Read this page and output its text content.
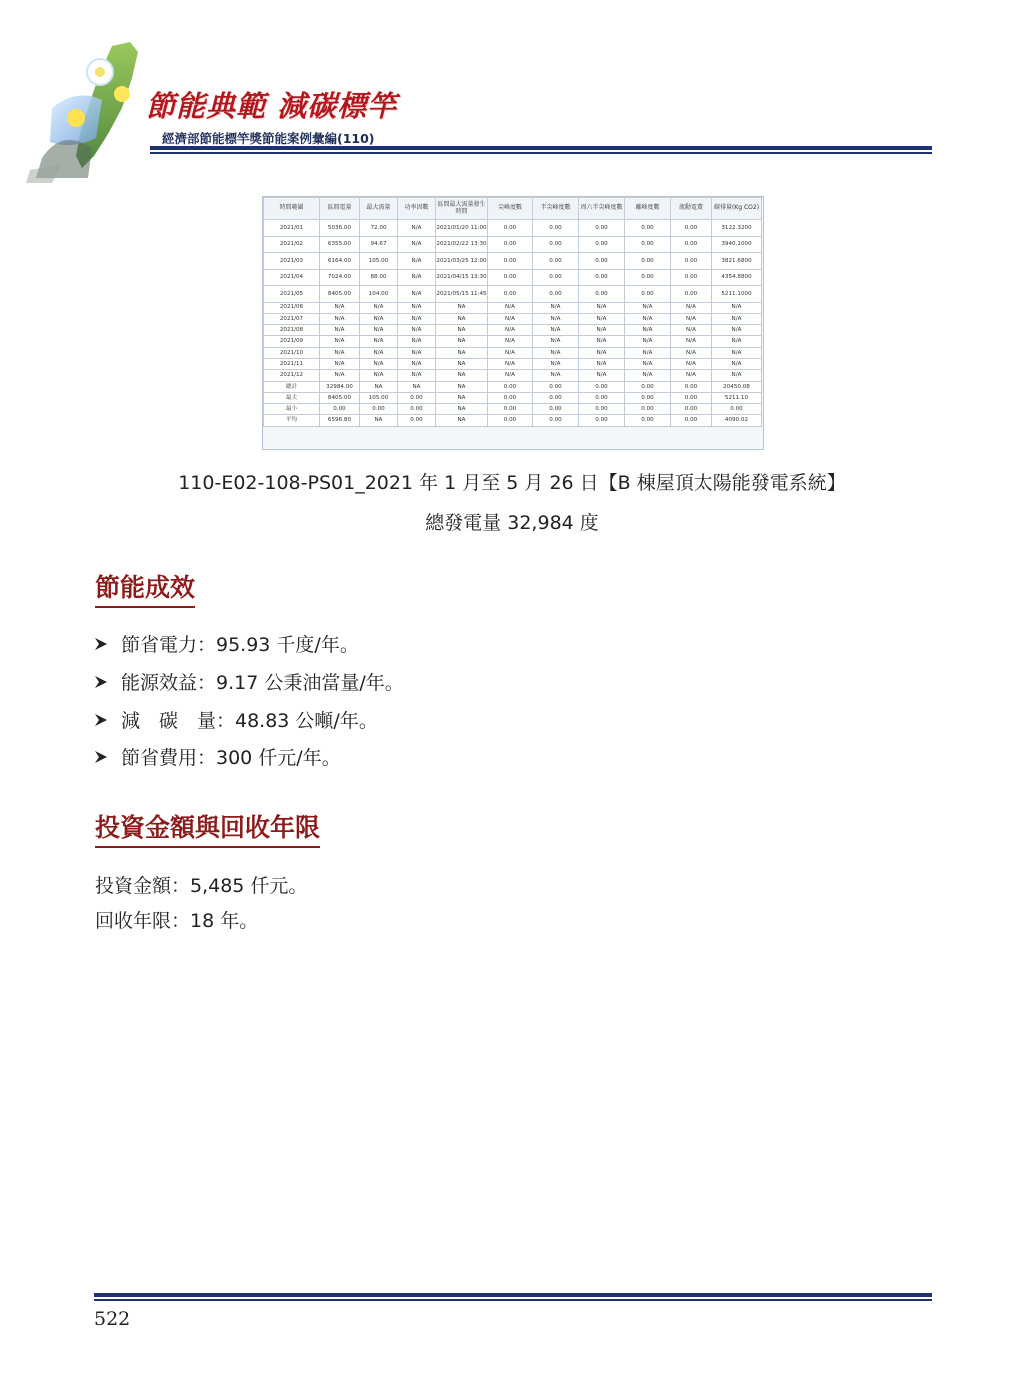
節能典範 減碳標竿
經濟部節能標竿獎節能案例彙編(110)
時間範圍	區間電量	最大需量	功率因數	區間最大需量發生時間	尖峰度數	半尖峰度數	周六半尖峰度數	離峰度數	流動電費	碳排量(Kg CO2)
2021/01	5036.00	72.00	N/A	2021/01/20 11:00	0.00	0.00	0.00	0.00	0.00	3122.3200
2021/02	6355.00	94.67	N/A	2021/02/22 13:30	0.00	0.00	0.00	0.00	0.00	3940.1000
2021/03	6164.00	105.00	N/A	2021/03/25 12:00	0.00	0.00	0.00	0.00	0.00	3821.6800
2021/04	7024.00	88.00	N/A	2021/04/15 13:30	0.00	0.00	0.00	0.00	0.00	4354.8800
2021/05	8405.00	104.00	N/A	2021/05/15 11:45	0.00	0.00	0.00	0.00	0.00	5211.1000
2021/06	N/A	N/A	N/A	NA	N/A	N/A	N/A	N/A	N/A	N/A
2021/07	N/A	N/A	N/A	NA	N/A	N/A	N/A	N/A	N/A	N/A
2021/08	N/A	N/A	N/A	NA	N/A	N/A	N/A	N/A	N/A	N/A
2021/09	N/A	N/A	N/A	NA	N/A	N/A	N/A	N/A	N/A	N/A
2021/10	N/A	N/A	N/A	NA	N/A	N/A	N/A	N/A	N/A	N/A
2021/11	N/A	N/A	N/A	NA	N/A	N/A	N/A	N/A	N/A	N/A
2021/12	N/A	N/A	N/A	NA	N/A	N/A	N/A	N/A	N/A	N/A
總計	32984.00	NA	NA	NA	0.00	0.00	0.00	0.00	0.00	20450.08
最大	8405.00	105.00	0.00	NA	0.00	0.00	0.00	0.00	0.00	5211.10
最小	0.00	0.00	0.00	NA	0.00	0.00	0.00	0.00	0.00	0.00
平均	6596.80	NA	0.00	NA	0.00	0.00	0.00	0.00	0.00	4090.02
110-E02-108-PS01_2021 年 1 月至 5 月 26 日【B 棟屋頂太陽能發電系統】
總發電量 32,984 度
節能成效
節省電力：95.93 千度/年。
能源效益：9.17 公秉油當量/年。
減　碳　量：48.83 公噸/年。
節省費用：300 仟元/年。
投資金額與回收年限
投資金額：5,485 仟元。
回收年限：18 年。
522
